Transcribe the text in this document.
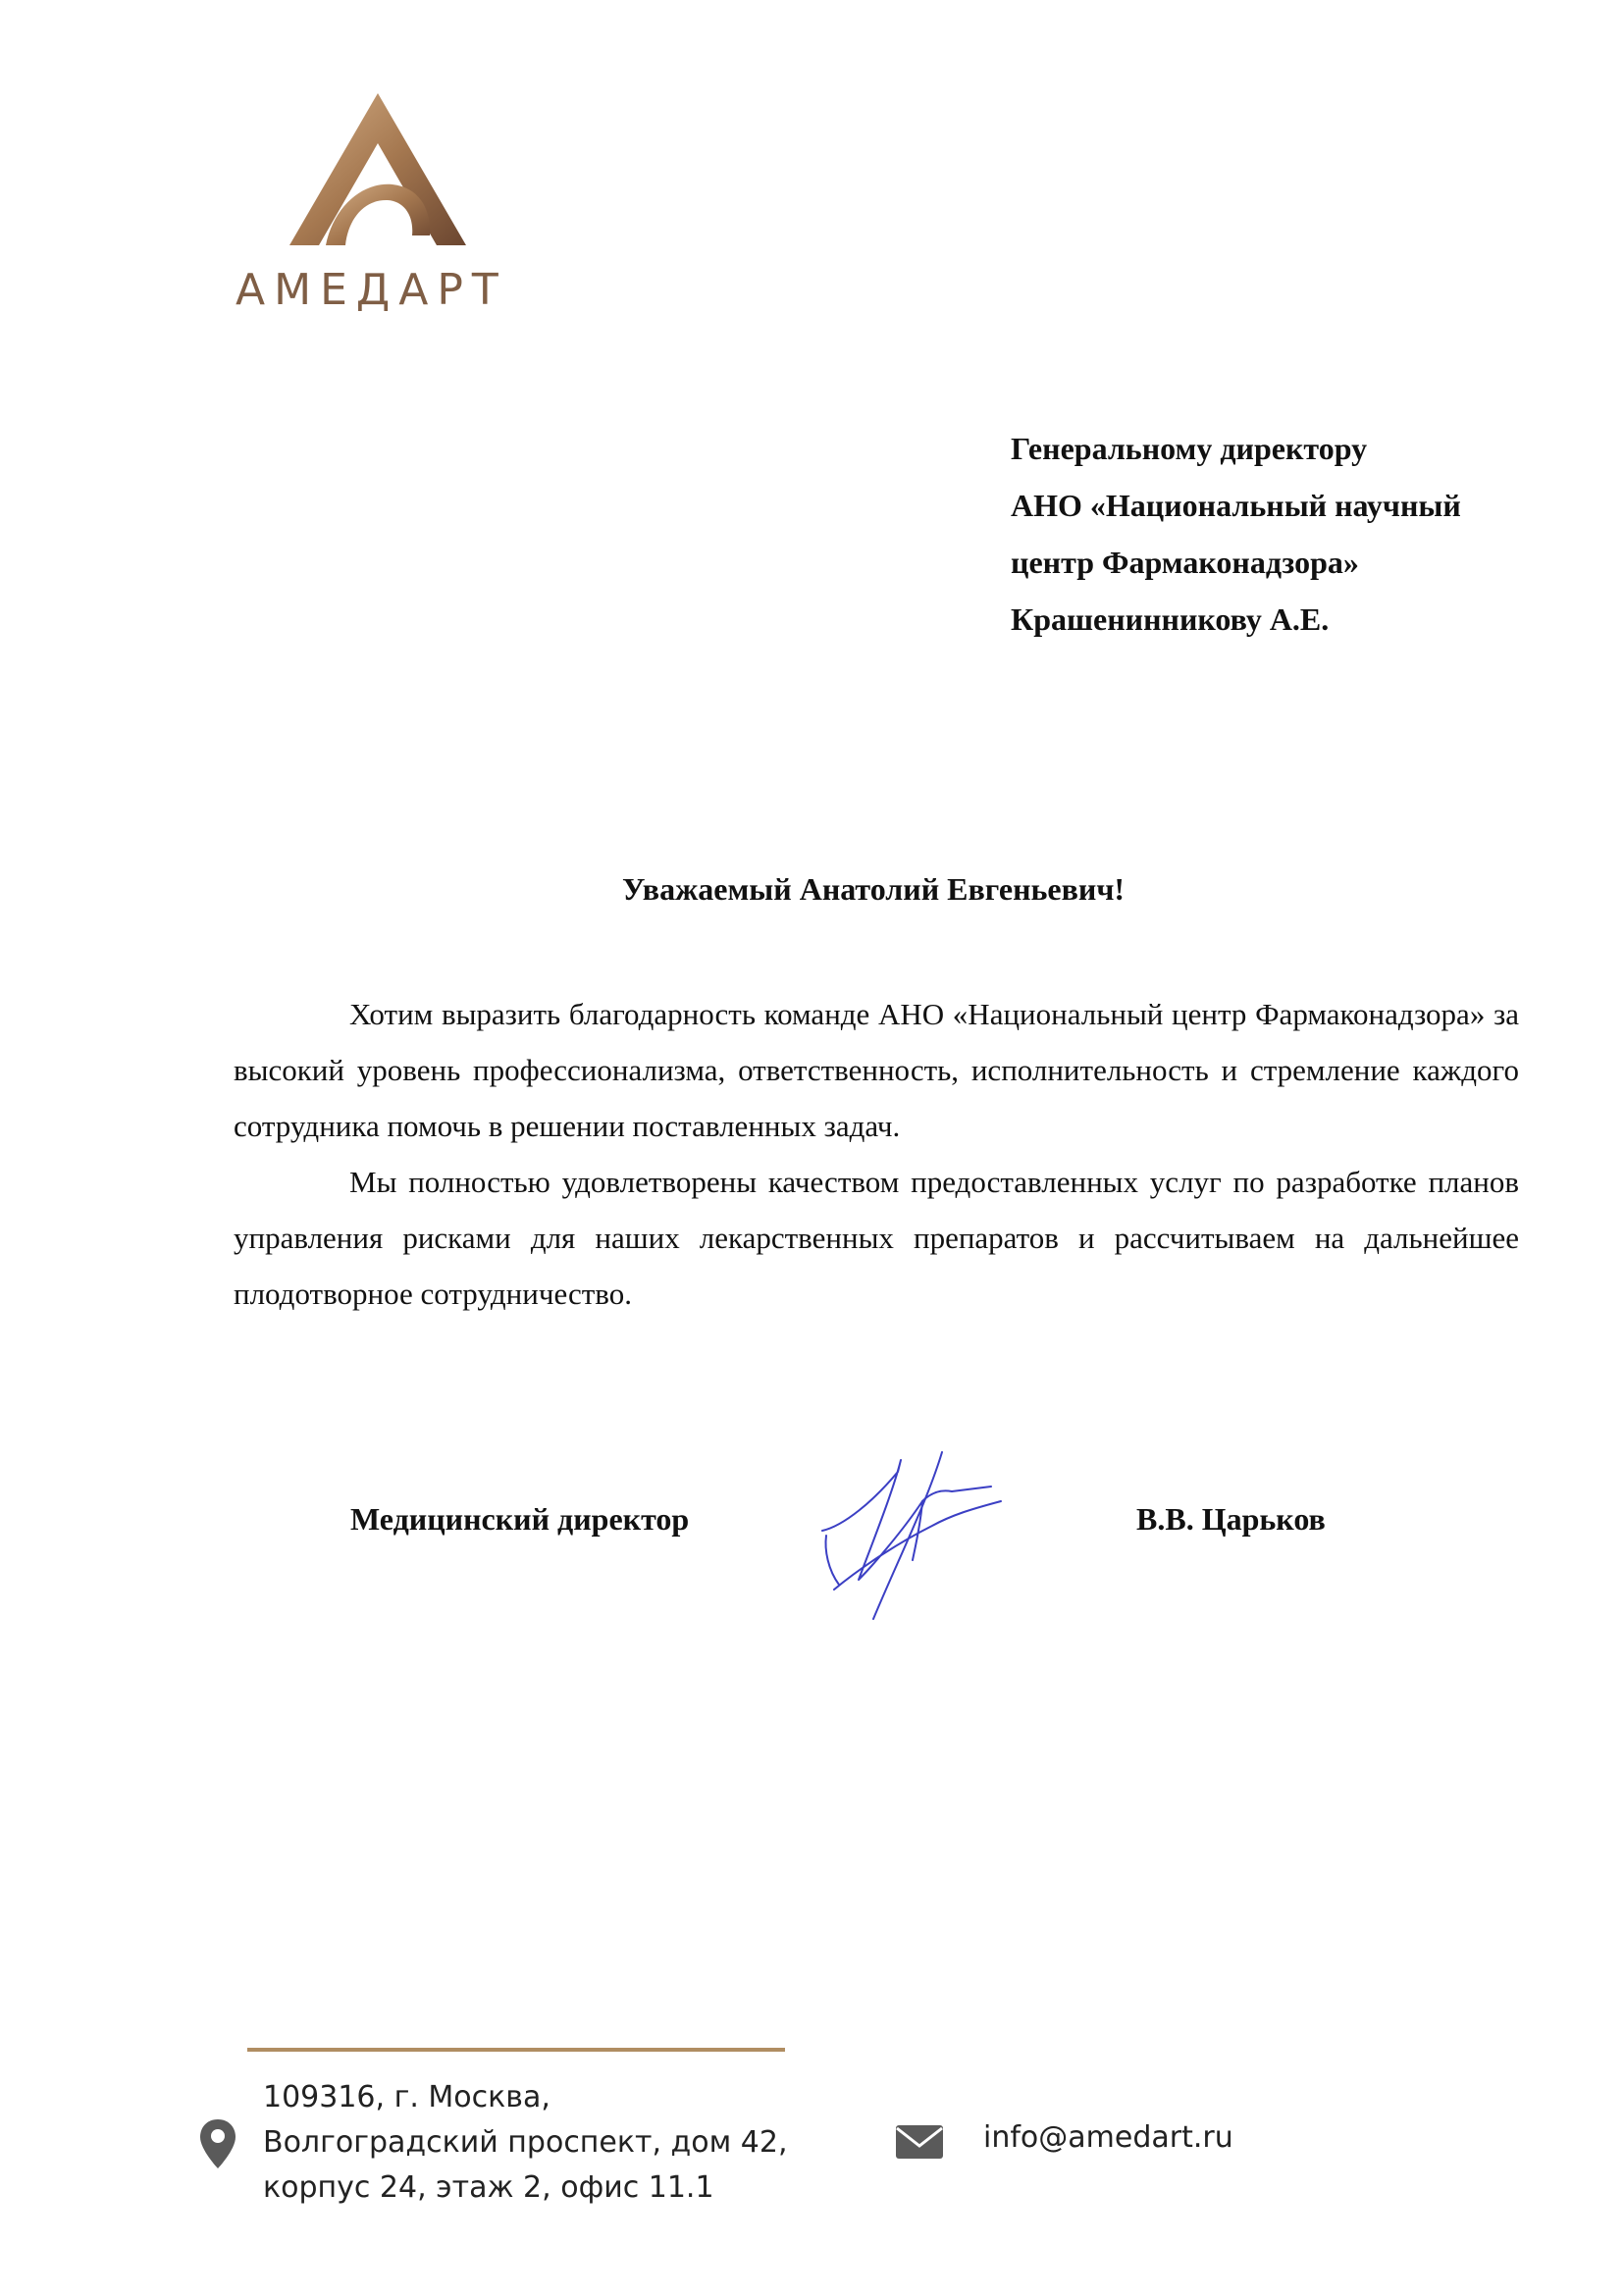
АМЕДАРТ
Генеральному директору
АНО «Национальный научный
центр Фармаконадзора»
Крашенинникову А.Е.
Уважаемый Анатолий Евгеньевич!

Хотим выразить благодарность команде АНО «Национальный центр Фармаконадзора» за высокий уровень профессионализма, ответственность, исполнительность и стремление каждого сотрудника помочь в решении поставленных задач.

Мы полностью удовлетворены качеством предоставленных услуг по разработке планов управления рисками для наших лекарственных препаратов и рассчитываем на дальнейшее плодотворное сотрудничество.

Медицинский директор	В.В. Царьков
109316, г. Москва,
Волгоградский проспект, дом 42,
корпус 24, этаж 2, офис 11.1
info@amedart.ru
